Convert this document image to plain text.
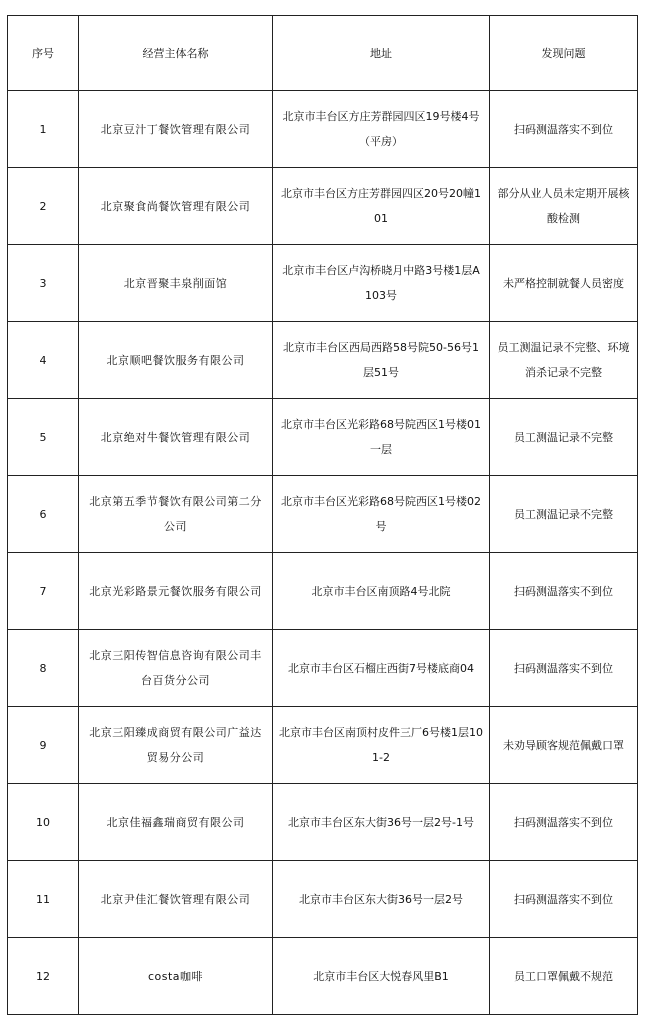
序号	经营主体名称	地址	发现问题
1	北京豆汁丁餐饮管理有限公司	北京市丰台区方庄芳群园四区19号楼4号（平房）	扫码测温落实不到位
2	北京聚食尚餐饮管理有限公司	北京市丰台区方庄芳群园四区20号20幢101	部分从业人员未定期开展核酸检测
3	北京晋聚丰泉削面馆	北京市丰台区卢沟桥晓月中路3号楼1层A103号	未严格控制就餐人员密度
4	北京顺吧餐饮服务有限公司	北京市丰台区西局西路58号院50-56号1层51号	员工测温记录不完整、环境消杀记录不完整
5	北京绝对牛餐饮管理有限公司	北京市丰台区光彩路68号院西区1号楼01一层	员工测温记录不完整
6	北京第五季节餐饮有限公司第二分公司	北京市丰台区光彩路68号院西区1号楼02号	员工测温记录不完整
7	北京光彩路景元餐饮服务有限公司	北京市丰台区南顶路4号北院	扫码测温落实不到位
8	北京三阳传智信息咨询有限公司丰台百货分公司	北京市丰台区石榴庄西街7号楼底商04	扫码测温落实不到位
9	北京三阳臻成商贸有限公司广益达贸易分公司	北京市丰台区南顶村皮件三厂6号楼1层101-2	未劝导顾客规范佩戴口罩
10	北京佳福鑫瑞商贸有限公司	北京市丰台区东大街36号一层2号-1号	扫码测温落实不到位
11	北京尹佳汇餐饮管理有限公司	北京市丰台区东大街36号一层2号	扫码测温落实不到位
12	costa咖啡	北京市丰台区大悦春风里B1	员工口罩佩戴不规范
